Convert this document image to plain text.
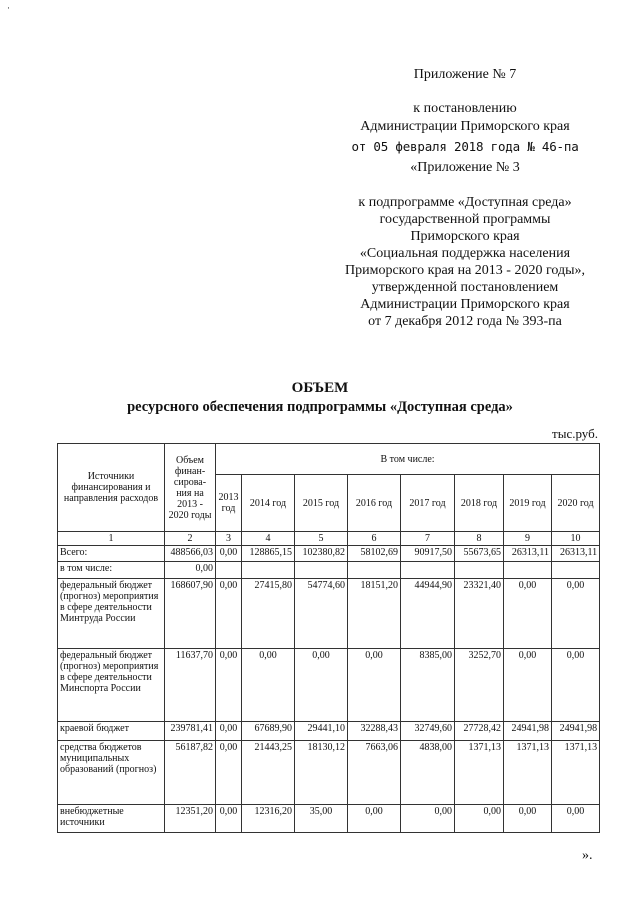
·
Приложение № 7
к постановлению
Администрации Приморского края
от 05 февраля 2018 года № 46-па
«Приложение № 3
к подпрограмме «Доступная среда»
государственной программы
Приморского края
«Социальная поддержка населения
Приморского края на 2013 - 2020 годы»,
утвержденной постановлением
Администрации Приморского края
от 7 декабря 2012 года № 393-па
ОБЪЕМ
ресурсного обеспечения подпрограммы «Доступная среда»
тыс.руб.
Источники финансирования и направления расходов	Объем финан-сирова-ния на 2013 - 2020 годы	В том числе:							
		2013 год	2014 год	2015 год	2016 год	2017 год	2018 год	2019 год	2020 год
1	2	3	4	5	6	7	8	9	10
Всего:	488566,03	0,00	128865,15	102380,82	58102,69	90917,50	55673,65	26313,11	26313,11
в том числе:	0,00								
федеральный бюджет (прогноз) мероприятия в сфере деятельности Минтруда России	168607,90	0,00	27415,80	54774,60	18151,20	44944,90	23321,40	0,00	0,00
федеральный бюджет (прогноз) мероприятия в сфере деятельности Минспорта России	11637,70	0,00	0,00	0,00	0,00	8385,00	3252,70	0,00	0,00
краевой бюджет	239781,41	0,00	67689,90	29441,10	32288,43	32749,60	27728,42	24941,98	24941,98
средства бюджетов муниципальных образований (прогноз)	56187,82	0,00	21443,25	18130,12	7663,06	4838,00	1371,13	1371,13	1371,13
внебюджетные источники	12351,20	0,00	12316,20	35,00	0,00	0,00	0,00	0,00	0,00
».
